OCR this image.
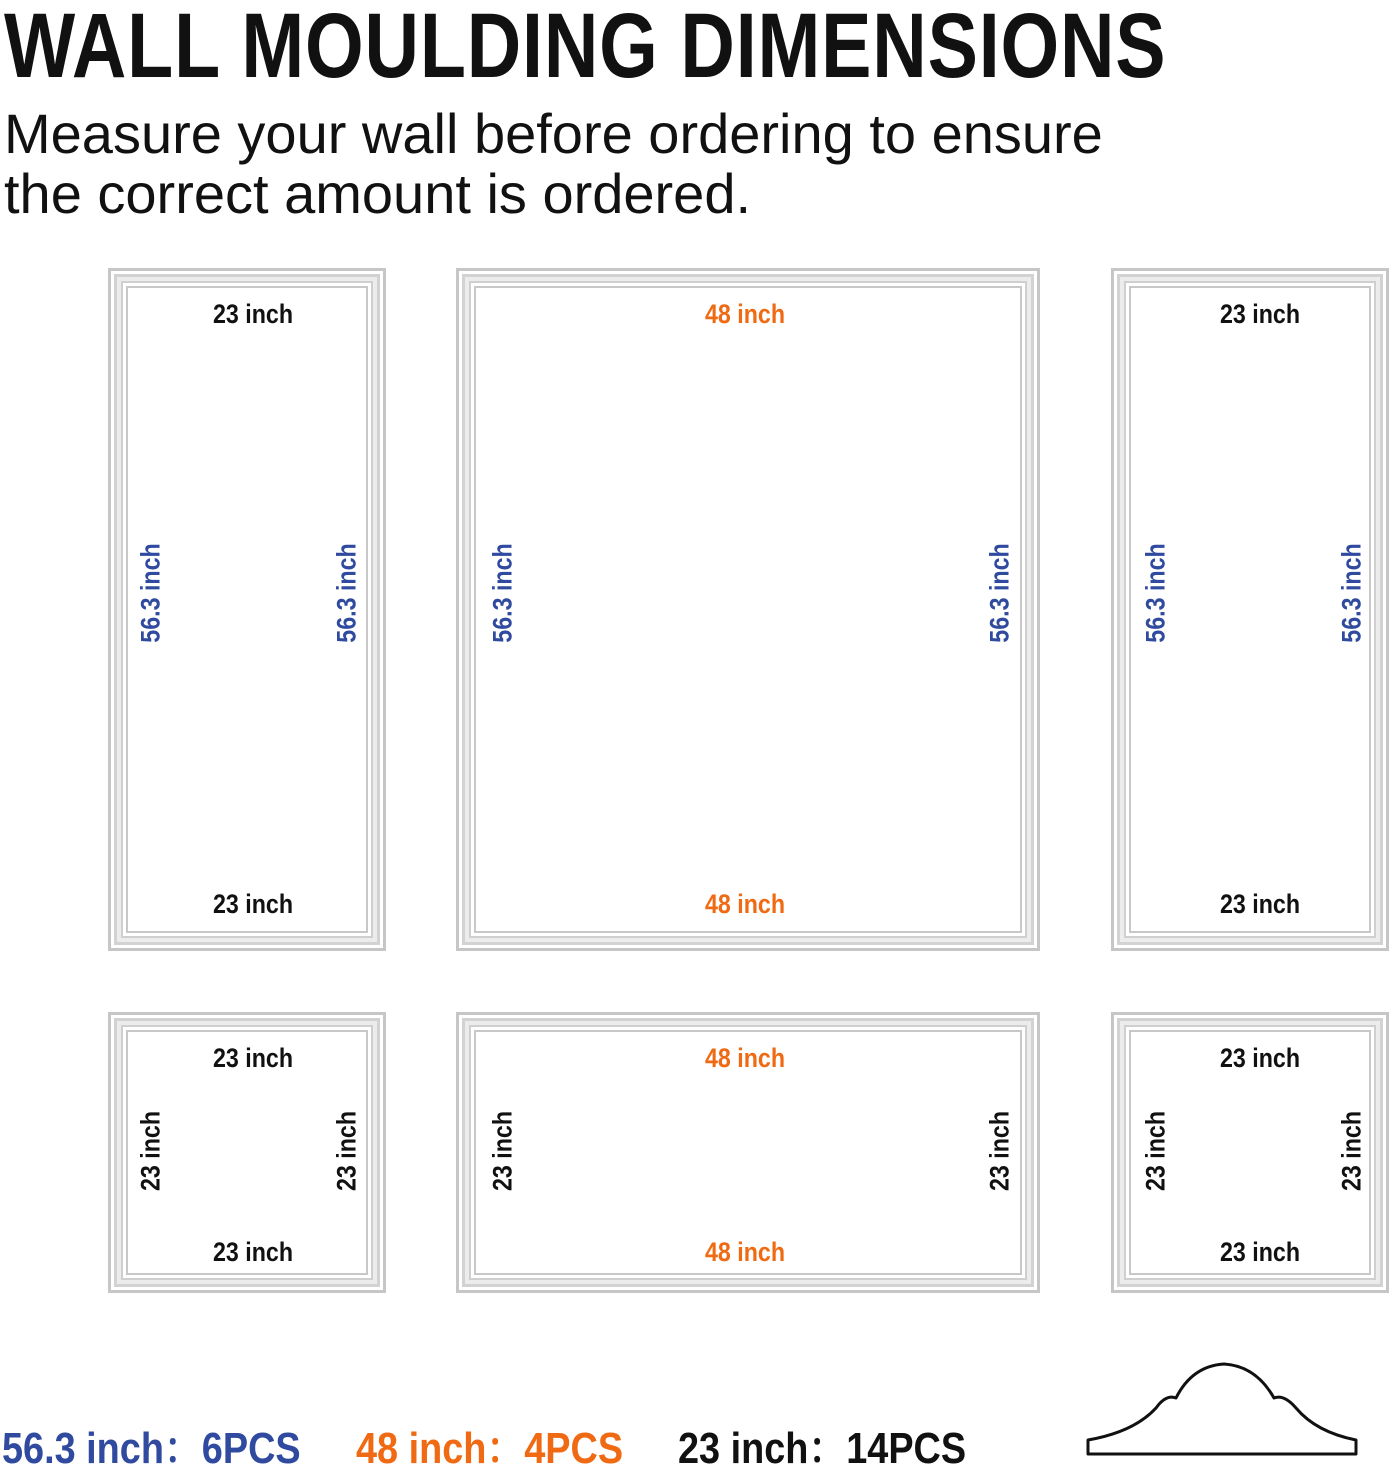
WALL MOULDING DIMENSIONS
Measure your wall before ordering to ensure
the correct amount is ordered.
23 inch
23 inch
56.3 inch	56.3 inch
48 inch
48 inch
56.3 inch	56.3 inch
23 inch
23 inch
56.3 inch	56.3 inch
23 inch
23 inch
23 inch	23 inch
48 inch
48 inch
23 inch	23 inch
23 inch
23 inch
23 inch	23 inch
56.3 inch：6PCS 48 inch：4PCS 23 inch：14PCS
